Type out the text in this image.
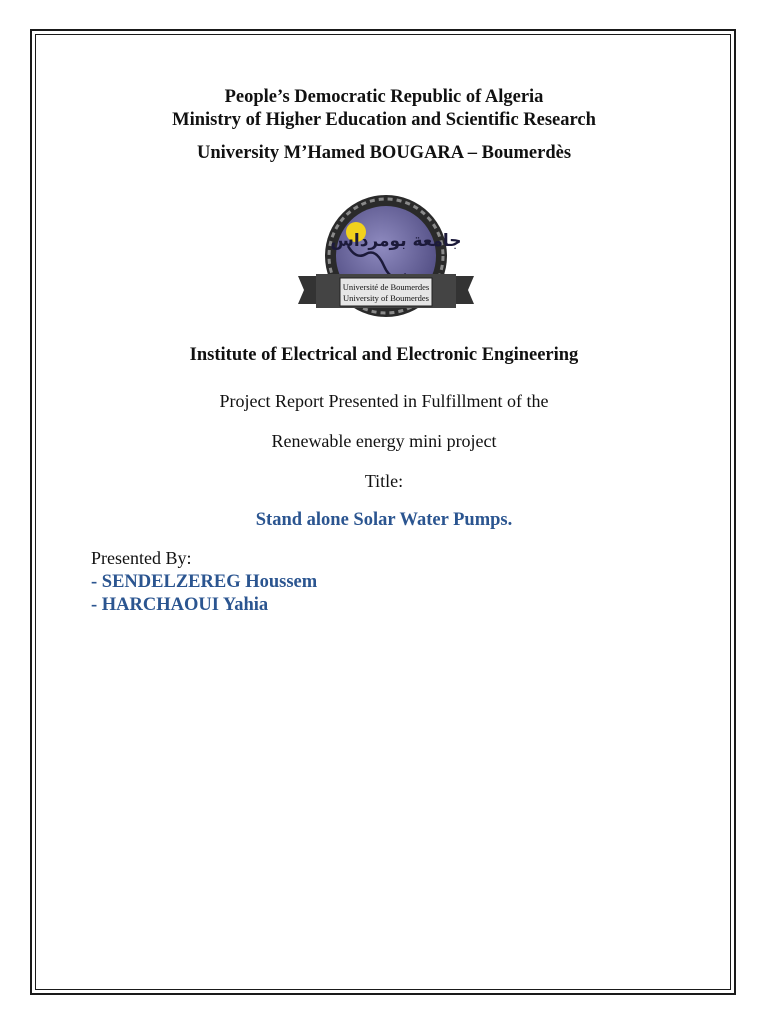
People’s Democratic Republic of Algeria
Ministry of Higher Education and Scientific Research
University M’Hamed BOUGARA – Boumerdès
جامعة بومرداس
Université de Boumerdes
University of Boumerdes
Institute of Electrical and Electronic Engineering
Project Report Presented in Fulfillment of the
Renewable energy mini project
Title:
Stand alone Solar Water Pumps.
Presented By:
- SENDELZEREG Houssem
- HARCHAOUI Yahia
